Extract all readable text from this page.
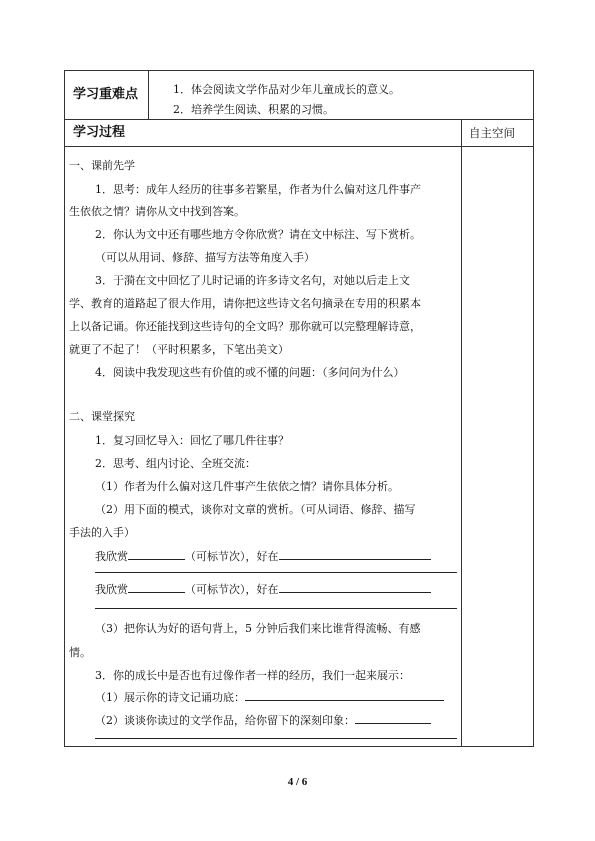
学习重难点	1．体会阅读文学作品对少年儿童成长的意义。
2．培养学生阅读、积累的习惯。
学习过程	自主空间
一、课前先学
1．思考：成年人经历的往事多若繁星，作者为什么偏对这几件事产
生依依之情？请你从文中找到答案。
2．你认为文中还有哪些地方令你欣赏？请在文中标注、写下赏析。
（可以从用词、修辞、描写方法等角度入手）
3．于漪在文中回忆了儿时记诵的许多诗文名句，对她以后走上文
学、教育的道路起了很大作用，请你把这些诗文名句摘录在专用的积累本
上以备记诵。你还能找到这些诗句的全文吗？那你就可以完整理解诗意，
就更了不起了！（平时积累多，下笔出美文）
4．阅读中我发现这些有价值的或不懂的问题：（多问问为什么）
二、课堂探究
1．复习回忆导入：回忆了哪几件往事？
2．思考、组内讨论、全班交流：
（1）作者为什么偏对这几件事产生依依之情？请你具体分析。
（2）用下面的模式，谈你对文章的赏析。（可从词语、修辞、描写
手法的入手）
我欣赏	（可标节次），好在
我欣赏	（可标节次），好在
（3）把你认为好的语句背上，5 分钟后我们来比谁背得流畅、有感
情。
3．你的成长中是否也有过像作者一样的经历，我们一起来展示：
（1）展示你的诗文记诵功底：
（2）谈谈你读过的文学作品，给你留下的深刻印象：
4 / 6
